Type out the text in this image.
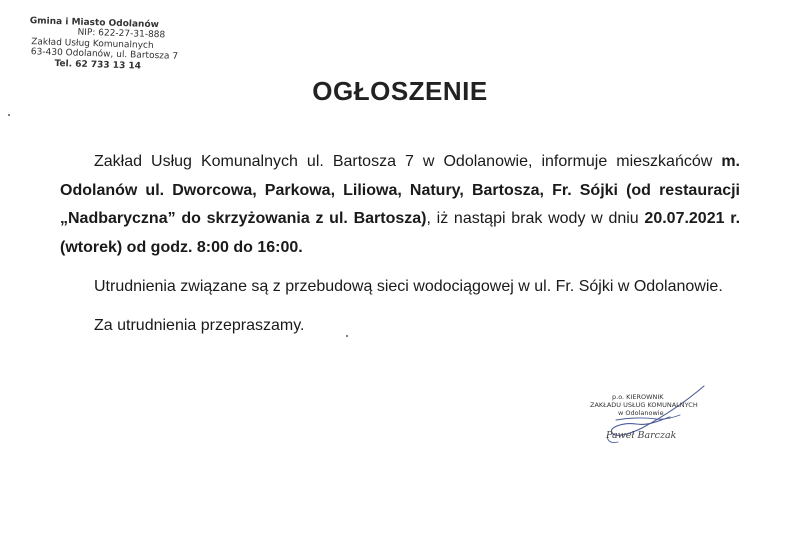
Gmina i Miasto Odolanów
NIP: 622-27-31-888
Zakład Usług Komunalnych
63-430 Odolanów, ul. Bartosza 7
Tel. 62 733 13 14
OGŁOSZENIE

Zakład Usług Komunalnych ul. Bartosza 7 w Odolanowie, informuje mieszkańców m. Odolanów ul. Dworcowa, Parkowa, Liliowa, Natury, Bartosza, Fr. Sójki (od restauracji „Nadbaryczna” do skrzyżowania z ul. Bartosza), iż nastąpi brak wody w dniu 20.07.2021 r. (wtorek) od godz. 8:00 do 16:00.

Utrudnienia związane są z przebudową sieci wodociągowej w ul. Fr. Sójki w Odolanowie.

Za utrudnienia przepraszamy.

p.o. KIEROWNIK
ZAKŁADU USŁUG KOMUNALNYCH
w Odolanowie
Paweł Barczak
